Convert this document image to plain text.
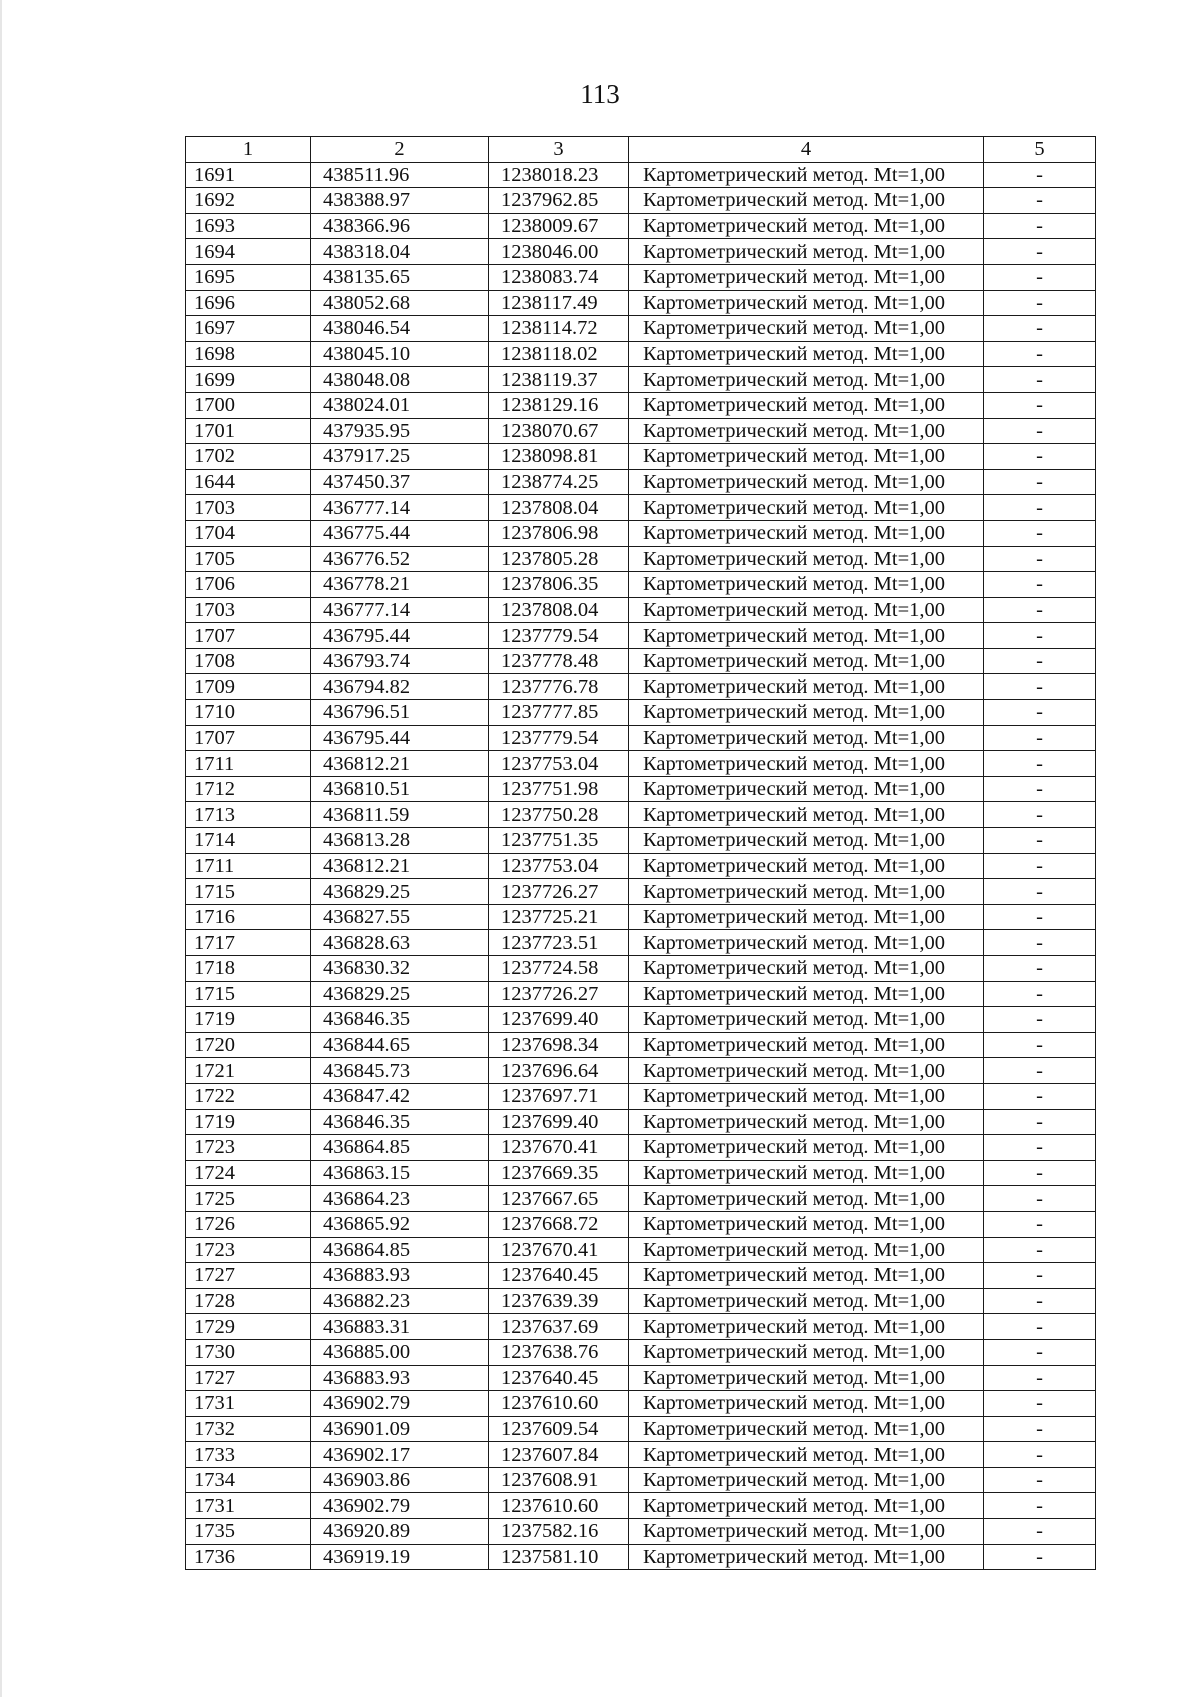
113
1	2	3	4	5
1691	438511.96	1238018.23	Картометрический метод. Mt=1,00	-
1692	438388.97	1237962.85	Картометрический метод. Mt=1,00	-
1693	438366.96	1238009.67	Картометрический метод. Mt=1,00	-
1694	438318.04	1238046.00	Картометрический метод. Mt=1,00	-
1695	438135.65	1238083.74	Картометрический метод. Mt=1,00	-
1696	438052.68	1238117.49	Картометрический метод. Mt=1,00	-
1697	438046.54	1238114.72	Картометрический метод. Mt=1,00	-
1698	438045.10	1238118.02	Картометрический метод. Mt=1,00	-
1699	438048.08	1238119.37	Картометрический метод. Mt=1,00	-
1700	438024.01	1238129.16	Картометрический метод. Mt=1,00	-
1701	437935.95	1238070.67	Картометрический метод. Mt=1,00	-
1702	437917.25	1238098.81	Картометрический метод. Mt=1,00	-
1644	437450.37	1238774.25	Картометрический метод. Mt=1,00	-
1703	436777.14	1237808.04	Картометрический метод. Mt=1,00	-
1704	436775.44	1237806.98	Картометрический метод. Mt=1,00	-
1705	436776.52	1237805.28	Картометрический метод. Mt=1,00	-
1706	436778.21	1237806.35	Картометрический метод. Mt=1,00	-
1703	436777.14	1237808.04	Картометрический метод. Mt=1,00	-
1707	436795.44	1237779.54	Картометрический метод. Mt=1,00	-
1708	436793.74	1237778.48	Картометрический метод. Mt=1,00	-
1709	436794.82	1237776.78	Картометрический метод. Mt=1,00	-
1710	436796.51	1237777.85	Картометрический метод. Mt=1,00	-
1707	436795.44	1237779.54	Картометрический метод. Mt=1,00	-
1711	436812.21	1237753.04	Картометрический метод. Mt=1,00	-
1712	436810.51	1237751.98	Картометрический метод. Mt=1,00	-
1713	436811.59	1237750.28	Картометрический метод. Mt=1,00	-
1714	436813.28	1237751.35	Картометрический метод. Mt=1,00	-
1711	436812.21	1237753.04	Картометрический метод. Mt=1,00	-
1715	436829.25	1237726.27	Картометрический метод. Mt=1,00	-
1716	436827.55	1237725.21	Картометрический метод. Mt=1,00	-
1717	436828.63	1237723.51	Картометрический метод. Mt=1,00	-
1718	436830.32	1237724.58	Картометрический метод. Mt=1,00	-
1715	436829.25	1237726.27	Картометрический метод. Mt=1,00	-
1719	436846.35	1237699.40	Картометрический метод. Mt=1,00	-
1720	436844.65	1237698.34	Картометрический метод. Mt=1,00	-
1721	436845.73	1237696.64	Картометрический метод. Mt=1,00	-
1722	436847.42	1237697.71	Картометрический метод. Mt=1,00	-
1719	436846.35	1237699.40	Картометрический метод. Mt=1,00	-
1723	436864.85	1237670.41	Картометрический метод. Mt=1,00	-
1724	436863.15	1237669.35	Картометрический метод. Mt=1,00	-
1725	436864.23	1237667.65	Картометрический метод. Mt=1,00	-
1726	436865.92	1237668.72	Картометрический метод. Mt=1,00	-
1723	436864.85	1237670.41	Картометрический метод. Mt=1,00	-
1727	436883.93	1237640.45	Картометрический метод. Mt=1,00	-
1728	436882.23	1237639.39	Картометрический метод. Mt=1,00	-
1729	436883.31	1237637.69	Картометрический метод. Mt=1,00	-
1730	436885.00	1237638.76	Картометрический метод. Mt=1,00	-
1727	436883.93	1237640.45	Картометрический метод. Mt=1,00	-
1731	436902.79	1237610.60	Картометрический метод. Mt=1,00	-
1732	436901.09	1237609.54	Картометрический метод. Mt=1,00	-
1733	436902.17	1237607.84	Картометрический метод. Mt=1,00	-
1734	436903.86	1237608.91	Картометрический метод. Mt=1,00	-
1731	436902.79	1237610.60	Картометрический метод. Mt=1,00	-
1735	436920.89	1237582.16	Картометрический метод. Mt=1,00	-
1736	436919.19	1237581.10	Картометрический метод. Mt=1,00	-
